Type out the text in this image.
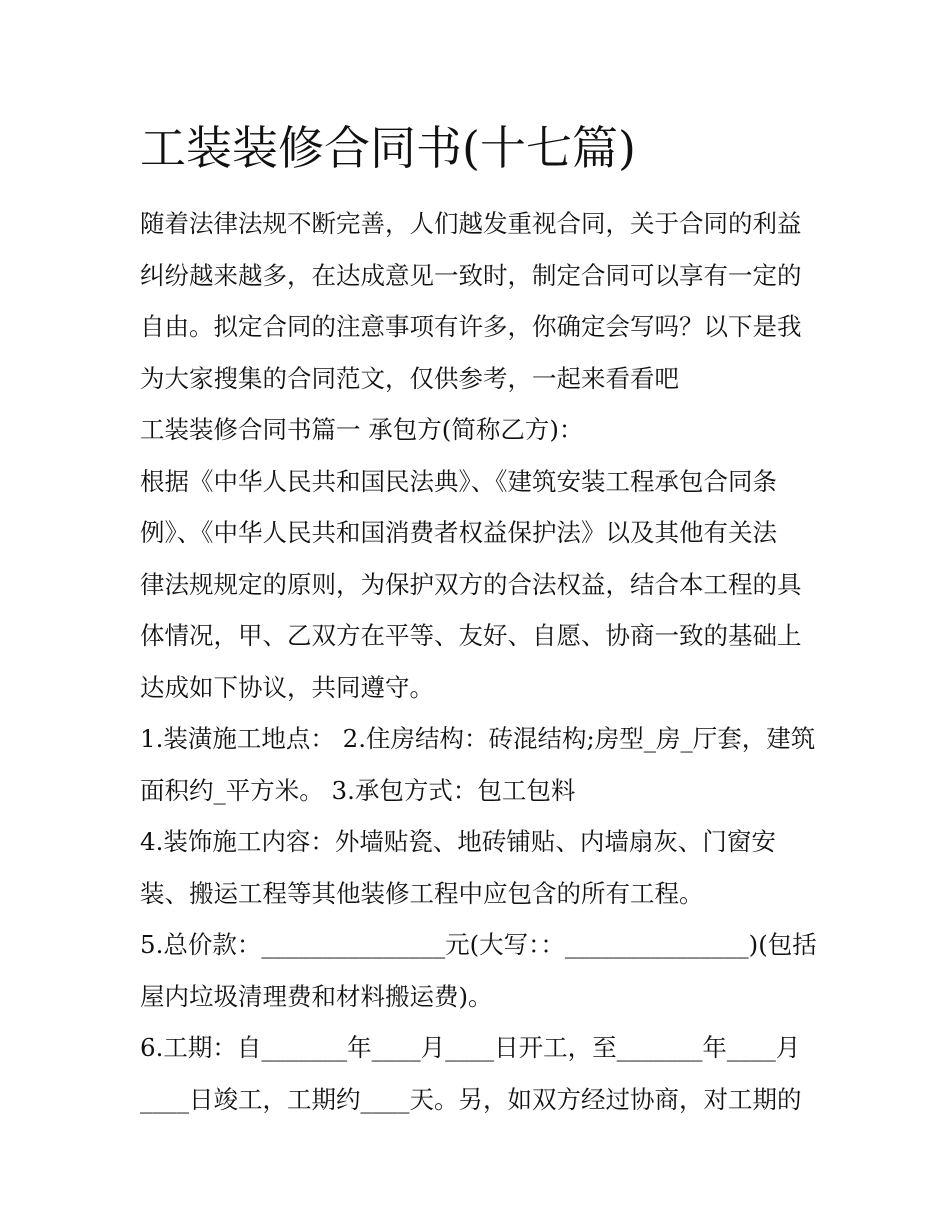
工装装修合同书(十七篇)
随着法律法规不断完善，人们越发重视合同，关于合同的利益
纠纷越来越多，在达成意见一致时，制定合同可以享有一定的
自由。拟定合同的注意事项有许多，你确定会写吗？以下是我
为大家搜集的合同范文，仅供参考，一起来看看吧
工装装修合同书篇一 承包方(简称乙方)：
根据《中华人民共和国民法典》、《建筑安装工程承包合同条
例》、《中华人民共和国消费者权益保护法》以及其他有关法
律法规规定的原则，为保护双方的合法权益，结合本工程的具
体情况，甲、乙双方在平等、友好、自愿、协商一致的基础上
达成如下协议，共同遵守。
1.装潢施工地点： 2.住房结构：砖混结构;房型_房_厅套，建筑
面积约_平方米。 3.承包方式：包工包料
4.装饰施工内容：外墙贴瓷、地砖铺贴、内墙扇灰、门窗安
装、搬运工程等其他装修工程中应包含的所有工程。
5.总价款：_______________元(大写：：_______________)(包括
屋内垃圾清理费和材料搬运费)。
6.工期：自_______年____月____日开工，至_______年____月
____日竣工，工期约____天。另，如双方经过协商，对工期的
